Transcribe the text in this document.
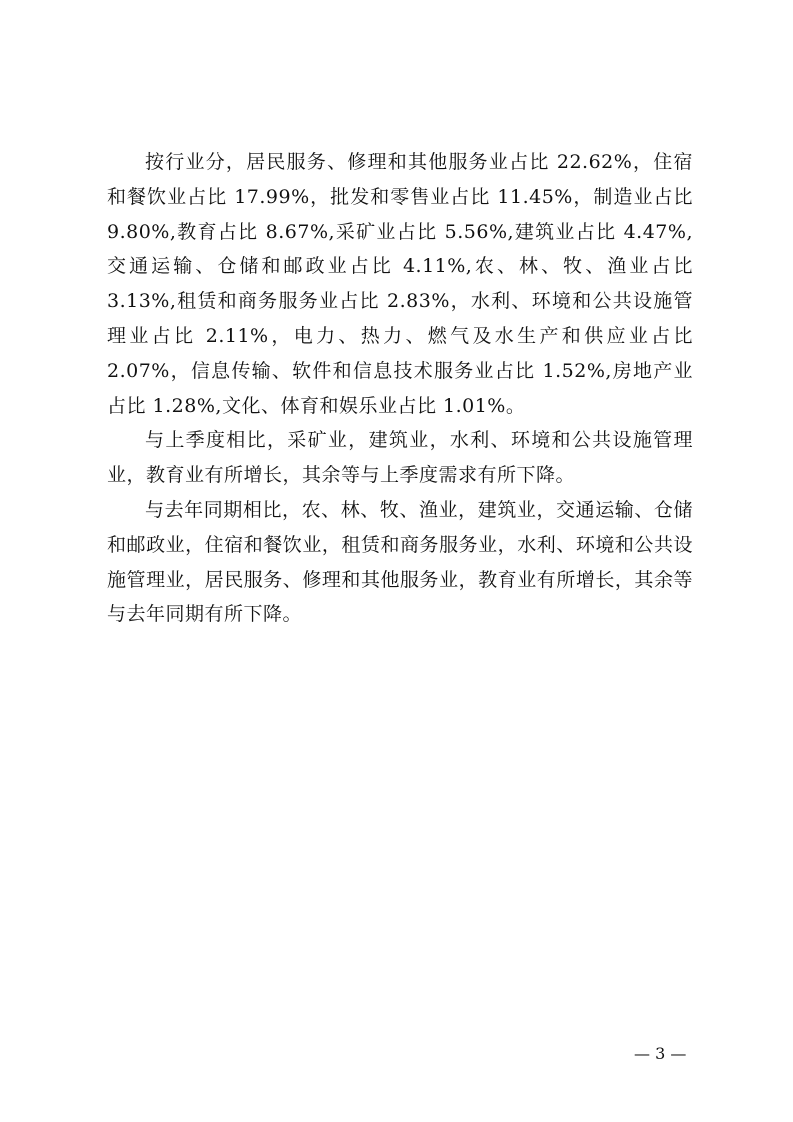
按行业分，居民服务、修理和其他服务业占比 22.62%，住宿和餐饮业占比 17.99%，批发和零售业占比 11.45%，制造业占比 9.80%,教育占比 8.67%,采矿业占比 5.56%,建筑业占比 4.47%,交通运输、仓储和邮政业占比 4.11%,农、林、牧、渔业占比 3.13%,租赁和商务服务业占比 2.83%，水利、环境和公共设施管理业占比 2.11%，电力、热力、燃气及水生产和供应业占比 2.07%，信息传输、软件和信息技术服务业占比 1.52%,房地产业占比 1.28%,文化、体育和娱乐业占比 1.01%。

与上季度相比，采矿业，建筑业，水利、环境和公共设施管理业，教育业有所增长，其余等与上季度需求有所下降。

与去年同期相比，农、林、牧、渔业，建筑业，交通运输、仓储和邮政业，住宿和餐饮业，租赁和商务服务业，水利、环境和公共设施管理业，居民服务、修理和其他服务业，教育业有所增长，其余等与去年同期有所下降。

— 3 —
